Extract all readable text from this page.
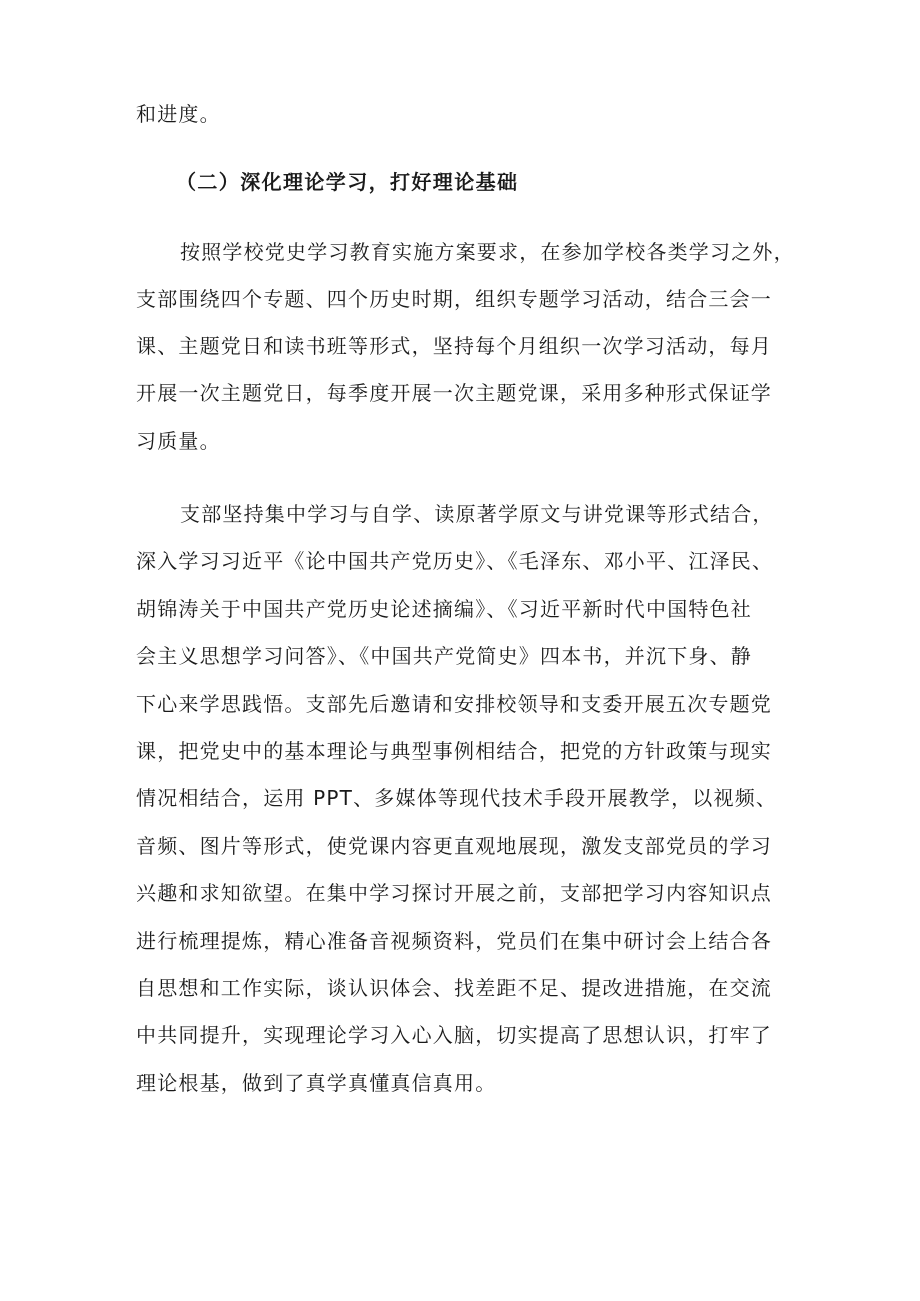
和进度。
（二）深化理论学习，打好理论基础
按照学校党史学习教育实施方案要求，在参加学校各类学习之外，
支部围绕四个专题、四个历史时期，组织专题学习活动，结合三会一
课、主题党日和读书班等形式，坚持每个月组织一次学习活动，每月
开展一次主题党日，每季度开展一次主题党课，采用多种形式保证学
习质量。
支部坚持集中学习与自学、读原著学原文与讲党课等形式结合，
深入学习习近平《论中国共产党历史》、《毛泽东、邓小平、江泽民、
胡锦涛关于中国共产党历史论述摘编》、《习近平新时代中国特色社
会主义思想学习问答》、《中国共产党简史》四本书，并沉下身、静
下心来学思践悟。支部先后邀请和安排校领导和支委开展五次专题党
课，把党史中的基本理论与典型事例相结合，把党的方针政策与现实
情况相结合，运用 PPT、多媒体等现代技术手段开展教学，以视频、
音频、图片等形式，使党课内容更直观地展现，激发支部党员的学习
兴趣和求知欲望。在集中学习探讨开展之前，支部把学习内容知识点
进行梳理提炼，精心准备音视频资料，党员们在集中研讨会上结合各
自思想和工作实际，谈认识体会、找差距不足、提改进措施，在交流
中共同提升，实现理论学习入心入脑，切实提高了思想认识，打牢了
理论根基，做到了真学真懂真信真用。
